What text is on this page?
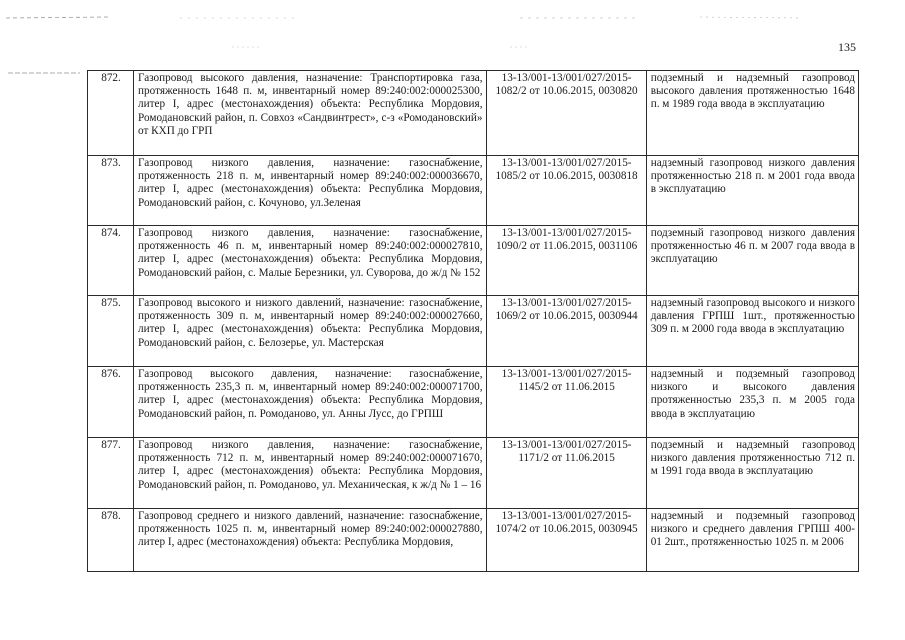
135
872.	Газопровод высокого давления, назначение: Транспортировка газа, протяженность 1648 п. м, инвентарный номер 89:240:002:000025300, литер I, адрес (местонахождения) объекта: Республика Мордовия, Ромодановский район, п. Совхоз «Сандвинтрест», с-з «Ромодановский» от КХП до ГРП	13-13/001-13/001/027/2015-1082/2 от 10.06.2015, 0030820	подземный и надземный газопровод высокого давления протяженностью 1648 п. м 1989 года ввода в эксплуатацию
873.	Газопровод низкого давления, назначение: газоснабжение, протяженность 218 п. м, инвентарный номер 89:240:002:000036670, литер I, адрес (местонахождения) объекта: Республика Мордовия, Ромодановский район, с. Кочуново, ул.Зеленая	13-13/001-13/001/027/2015-1085/2 от 10.06.2015, 0030818	надземный газопровод низкого давления протяженностью 218 п. м 2001 года ввода в эксплуатацию
874.	Газопровод низкого давления, назначение: газоснабжение, протяженность 46 п. м, инвентарный номер 89:240:002:000027810, литер I, адрес (местонахождения) объекта: Республика Мордовия, Ромодановский район, с. Малые Березники, ул. Суворова, до ж/д № 152	13-13/001-13/001/027/2015-1090/2 от 11.06.2015, 0031106	подземный газопровод низкого давления протяженностью 46 п. м 2007 года ввода в эксплуатацию
875.	Газопровод высокого и низкого давлений, назначение: газоснабжение, протяженность 309 п. м, инвентарный номер 89:240:002:000027660, литер I, адрес (местонахождения) объекта: Республика Мордовия, Ромодановский район, с. Белозерье, ул. Мастерская	13-13/001-13/001/027/2015-1069/2 от 10.06.2015, 0030944	надземный газопровод высокого и низкого давления ГРПШ 1шт., протяженностью 309 п. м 2000 года ввода в эксплуатацию
876.	Газопровод высокого давления, назначение: газоснабжение, протяженность 235,3 п. м, инвентарный номер 89:240:002:000071700, литер I, адрес (местонахождения) объекта: Республика Мордовия, Ромодановский район, п. Ромоданово, ул. Анны Лусс, до ГРПШ	13-13/001-13/001/027/2015-1145/2 от 11.06.2015	надземный и подземный газопровод низкого и высокого давления протяженностью 235,3 п. м 2005 года ввода в эксплуатацию
877.	Газопровод низкого давления, назначение: газоснабжение, протяженность 712 п. м, инвентарный номер 89:240:002:000071670, литер I, адрес (местонахождения) объекта: Республика Мордовия, Ромодановский район, п. Ромоданово, ул. Механическая, к ж/д № 1 – 16	13-13/001-13/001/027/2015-1171/2 от 11.06.2015	подземный и надземный газопровод низкого давления протяженностью 712 п. м 1991 года ввода в эксплуатацию
878.	Газопровод среднего и низкого давлений, назначение: газоснабжение, протяженность 1025 п. м, инвентарный номер 89:240:002:000027880, литер I, адрес (местонахождения) объекта: Республика Мордовия,	13-13/001-13/001/027/2015-1074/2 от 10.06.2015, 0030945	надземный и подземный газопровод низкого и среднего давления ГРПШ 400-01 2шт., протяженностью 1025 п. м 2006
